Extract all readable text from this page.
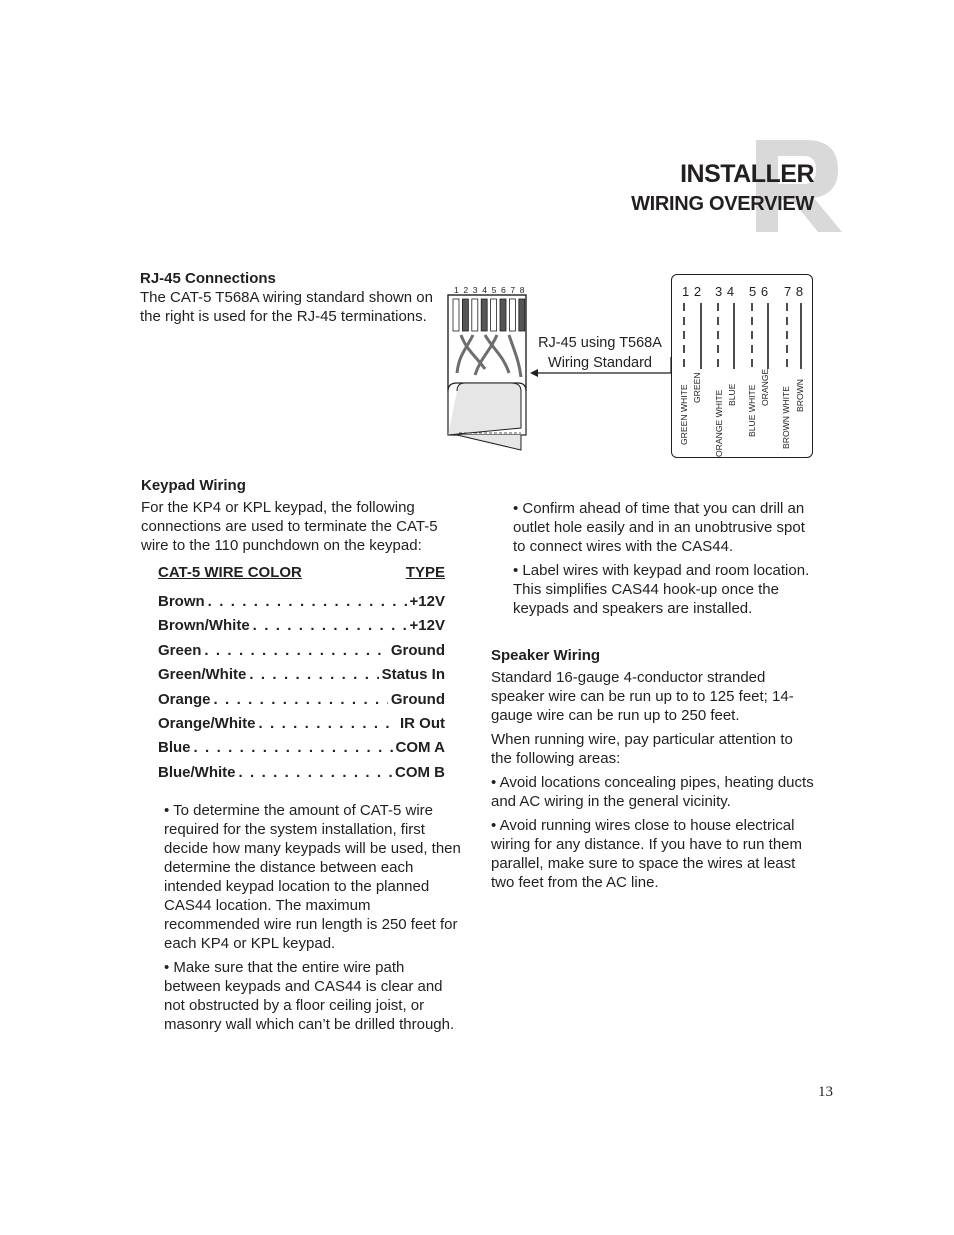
INSTALLER
WIRING OVERVIEW
RJ-45 Connections
The CAT-5 T568A wiring standard shown on the right is used for the RJ-45 terminations.
1 2 3 4 5 6 7 8
RJ-45 using T568A
Wiring Standard
1 2 3 4 5 6 7 8
GREEN WHITE GREEN
ORANGE WHITE BLUE BLUE WHITE ORANGE BROWN WHITE BROWN
Keypad Wiring
For the KP4 or KPL keypad, the following connections are used to terminate the CAT-5 wire to the 110 punchdown on the keypad:
CAT-5 WIRE COLOR	TYPE
Brown . . .	+12V
Brown/White . . .	+12V
Green . . .	Ground
Green/White . . .	Status In
Orange . . .	Ground
Orange/White . . .	IR Out
Blue . . .	COM A
Blue/White . . .	COM B
• To determine the amount of CAT-5 wire required for the system installation, first decide how many keypads will be used, then determine the distance between each intended keypad location to the planned CAS44 location. The maximum recommended wire run length is 250 feet for each KP4 or KPL keypad.
• Make sure that the entire wire path between keypads and CAS44 is clear and not obstructed by a floor ceiling joist, or masonry wall which can’t be drilled through.
• Confirm ahead of time that you can drill an outlet hole easily and in an unobtrusive spot to connect wires with the CAS44.
• Label wires with keypad and room location. This simplifies CAS44 hook-up once the keypads and speakers are installed.
Speaker Wiring
Standard 16-gauge 4-conductor stranded speaker wire can be run up to to 125 feet; 14-gauge wire can be run up to 250 feet.
When running wire, pay particular attention to the following areas:
• Avoid locations concealing pipes, heating ducts and AC wiring in the general vicinity.
• Avoid running wires close to house electrical wiring for any distance. If you have to run them parallel, make sure to space the wires at least two feet from the AC line.
13
